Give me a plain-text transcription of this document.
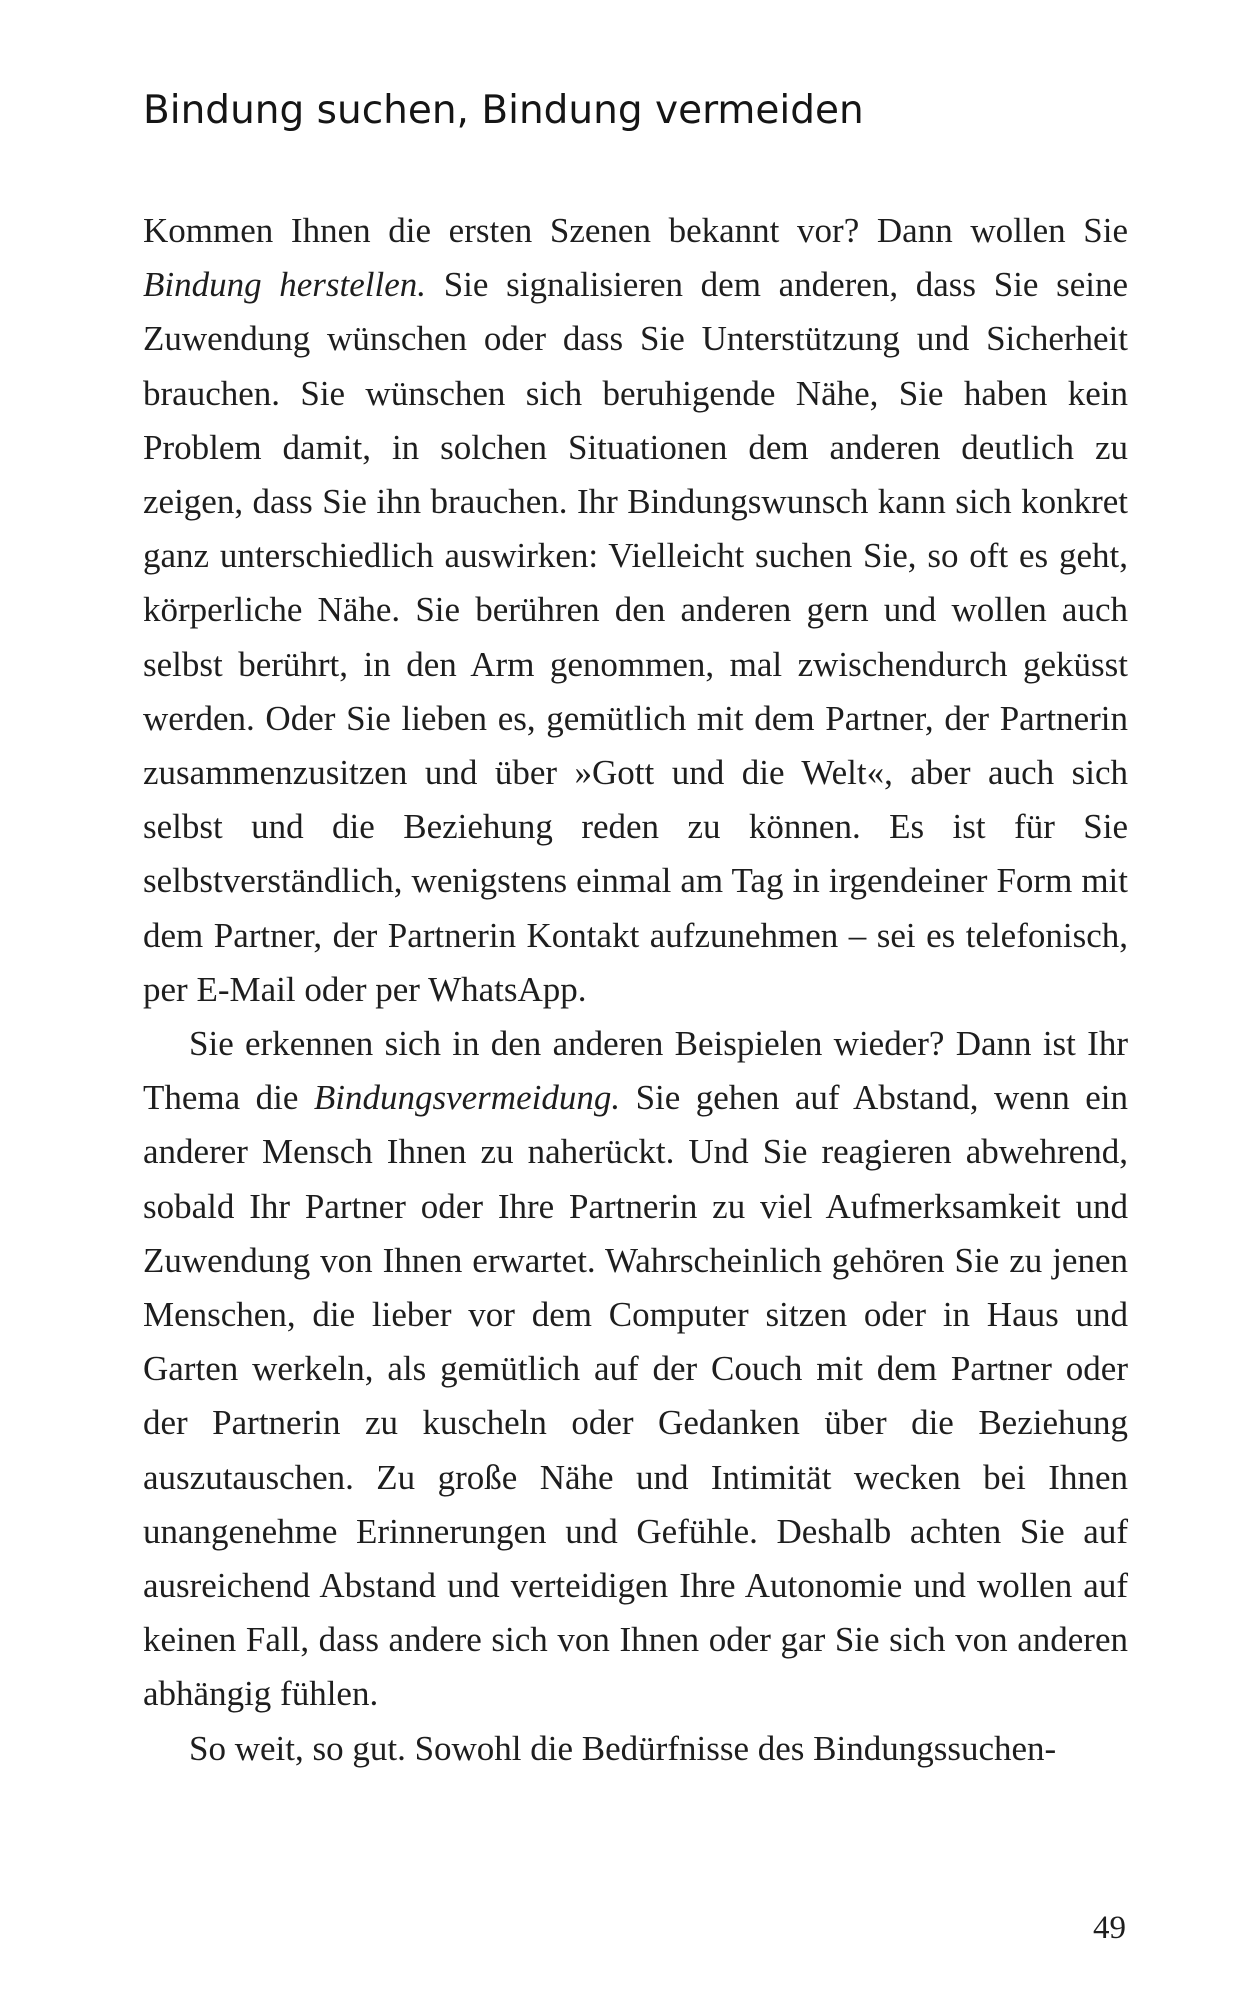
Bindung suchen, Bindung vermeiden

Kommen Ihnen die ersten Szenen bekannt vor? Dann wollen Sie Bindung herstellen. Sie signalisieren dem anderen, dass Sie seine Zuwendung wünschen oder dass Sie Unterstützung und Sicherheit brauchen. Sie wünschen sich beruhigende Nähe, Sie haben kein Problem damit, in solchen Situationen dem anderen deutlich zu zeigen, dass Sie ihn brauchen. Ihr Bindungswunsch kann sich konkret ganz unterschiedlich auswirken: Vielleicht suchen Sie, so oft es geht, körperliche Nähe. Sie berühren den anderen gern und wollen auch selbst berührt, in den Arm genommen, mal zwischendurch geküsst werden. Oder Sie lieben es, gemütlich mit dem Partner, der Partnerin zusammenzusitzen und über »Gott und die Welt«, aber auch sich selbst und die Beziehung reden zu können. Es ist für Sie selbstverständlich, wenigstens einmal am Tag in irgendeiner Form mit dem Partner, der Partnerin Kontakt aufzunehmen – sei es telefonisch, per E-Mail oder per WhatsApp.

Sie erkennen sich in den anderen Beispielen wieder? Dann ist Ihr Thema die Bindungsvermeidung. Sie gehen auf Abstand, wenn ein anderer Mensch Ihnen zu naherückt. Und Sie reagieren abwehrend, sobald Ihr Partner oder Ihre Partnerin zu viel Aufmerksamkeit und Zuwendung von Ihnen erwartet. Wahrscheinlich gehören Sie zu jenen Menschen, die lieber vor dem Computer sitzen oder in Haus und Garten werkeln, als gemütlich auf der Couch mit dem Partner oder der Partnerin zu kuscheln oder Gedanken über die Beziehung auszutauschen. Zu große Nähe und Intimität wecken bei Ihnen unangenehme Erinnerungen und Gefühle. Deshalb achten Sie auf ausreichend Abstand und verteidigen Ihre Autonomie und wollen auf keinen Fall, dass andere sich von Ihnen oder gar Sie sich von anderen abhängig fühlen.

So weit, so gut. Sowohl die Bedürfnisse des Bindungssuchen-

49
